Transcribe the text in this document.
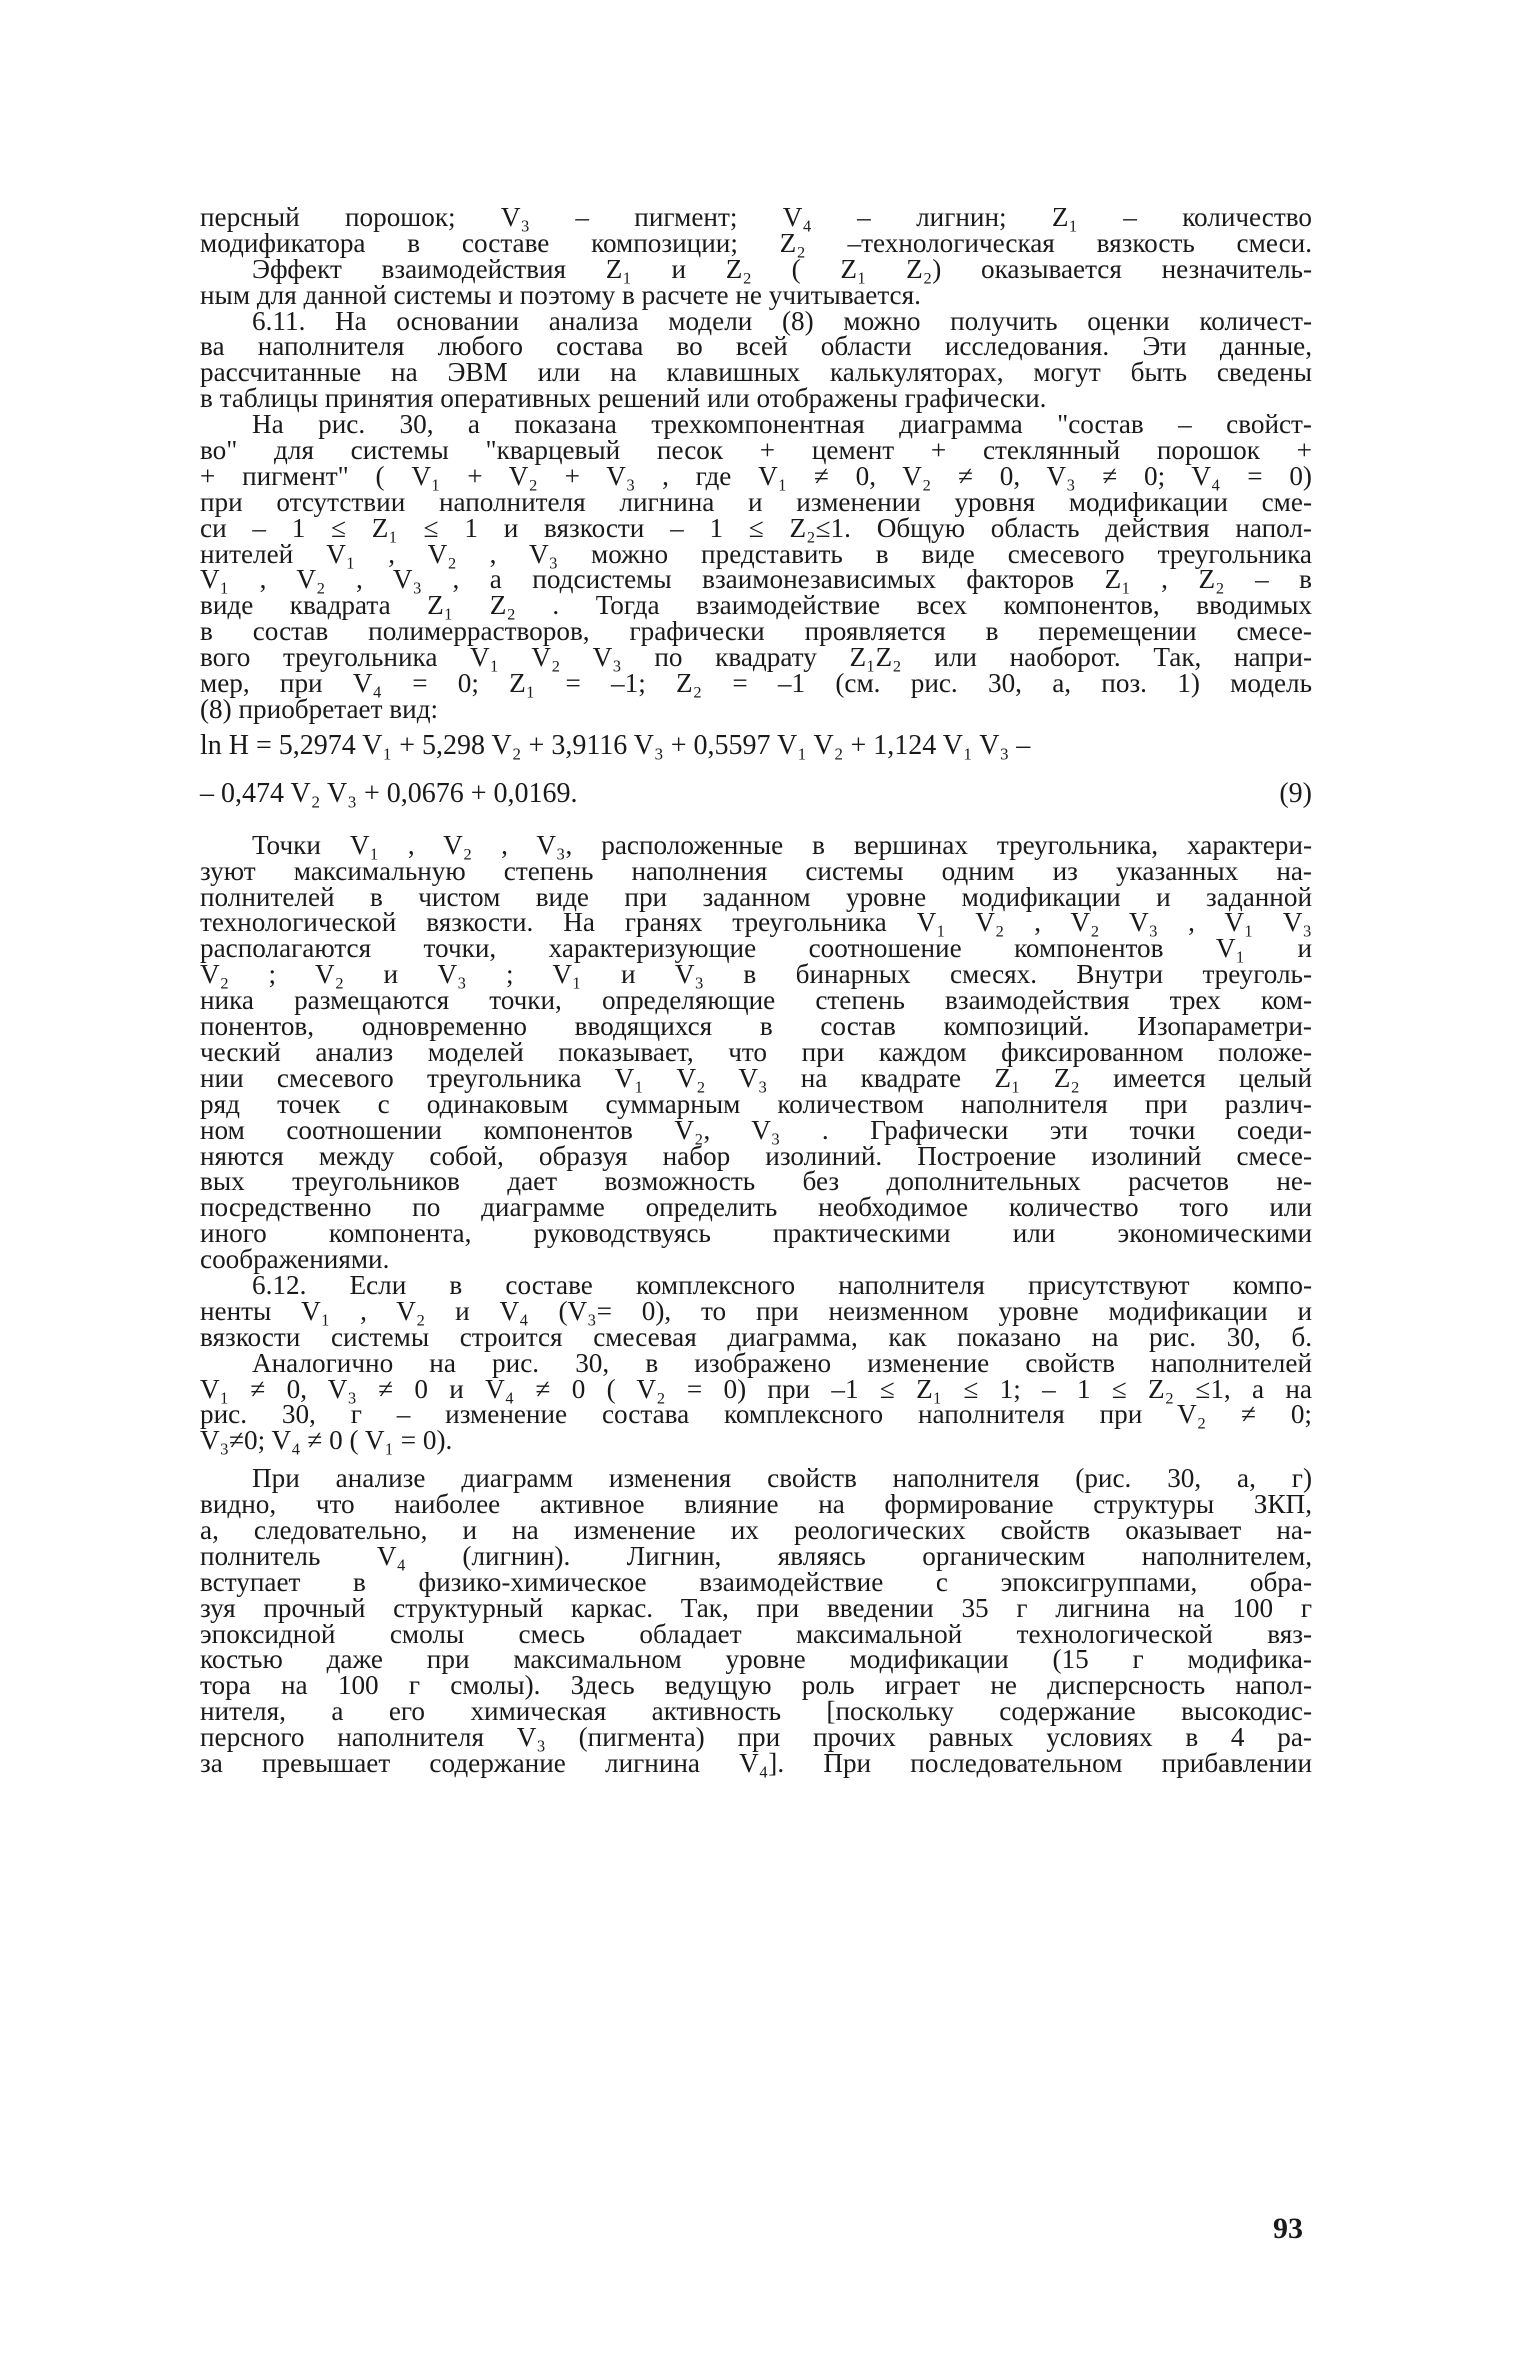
персный порошок; V₃ – пигмент; V₄ – лигнин; Z₁ – количество
модификатора в составе композиции; Z₂ –технологическая вязкость смеси.
Эффект взаимодействия Z₁ и Z₂ ( Z₁ Z₂) оказывается незначитель-
ным для данной системы и поэтому в расчете не учитывается.
6.11. На основании анализа модели (8) можно получить оценки количест-
ва наполнителя любого состава во всей области исследования. Эти данные,
рассчитанные на ЭВМ или на клавишных калькуляторах, могут быть сведены
в таблицы принятия оперативных решений или отображены графически.
На рис. 30, а показана трехкомпонентная диаграмма "состав – свойст-
во" для системы "кварцевый песок + цемент + стеклянный порошок +
+ пигмент" ( V₁ + V₂ + V₃ , где V₁ ≠ 0, V₂ ≠ 0, V₃ ≠ 0; V₄ = 0)
при отсутствии наполнителя лигнина и изменении уровня модификации сме-
си – 1 ≤ Z₁ ≤ 1 и вязкости – 1 ≤ Z₂≤1. Общую область действия напол-
нителей V₁ , V₂ , V₃ можно представить в виде смесевого треугольника
V₁ , V₂ , V₃ , а подсистемы взаимонезависимых факторов Z₁ , Z₂ – в
виде квадрата Z₁ Z₂ . Тогда взаимодействие всех компонентов, вводимых
в состав полимеррастворов, графически проявляется в перемещении смесе-
вого треугольника V₁ V₂ V₃ по квадрату Z₁Z₂ или наоборот. Так, напри-
мер, при V₄ = 0; Z₁ = –1; Z₂ = –1 (см. рис. 30, а, поз. 1) модель
(8) приобретает вид:
ln H = 5,2974 V₁ + 5,298 V₂ + 3,9116 V₃ + 0,5597 V₁ V₂ + 1,124 V₁ V₃ –
– 0,474 V₂ V₃ + 0,0676 + 0,0169.	(9)
Точки V₁ , V₂ , V₃, расположенные в вершинах треугольника, характери-
зуют максимальную степень наполнения системы одним из указанных на-
полнителей в чистом виде при заданном уровне модификации и заданной
технологической вязкости. На гранях треугольника V₁ V₂ , V₂ V₃ , V₁ V₃
располагаются точки, характеризующие соотношение компонентов V₁ и
V₂ ; V₂ и V₃ ; V₁ и V₃ в бинарных смесях. Внутри треуголь-
ника размещаются точки, определяющие степень взаимодействия трех ком-
понентов, одновременно вводящихся в состав композиций. Изопараметри-
ческий анализ моделей показывает, что при каждом фиксированном положе-
нии смесевого треугольника V₁ V₂ V₃ на квадрате Z₁ Z₂ имеется целый
ряд точек с одинаковым суммарным количеством наполнителя при различ-
ном соотношении компонентов V₂, V₃ . Графически эти точки соеди-
няются между собой, образуя набор изолиний. Построение изолиний смесе-
вых треугольников дает возможность без дополнительных расчетов не-
посредственно по диаграмме определить необходимое количество того или
иного компонента, руководствуясь практическими или экономическими
соображениями.
6.12. Если в составе комплексного наполнителя присутствуют компо-
ненты V₁ , V₂ и V₄ (V₃= 0), то при неизменном уровне модификации и
вязкости системы строится смесевая диаграмма, как показано на рис. 30, б.
Аналогично на рис. 30, в изображено изменение свойств наполнителей
V₁ ≠ 0, V₃ ≠ 0 и V₄ ≠ 0 ( V₂ = 0) при –1 ≤ Z₁ ≤ 1; – 1 ≤ Z₂ ≤1, а на
рис. 30, г – изменение состава комплексного наполнителя при V₂ ≠ 0;
V₃≠0; V₄ ≠ 0 ( V₁ = 0).
При анализе диаграмм изменения свойств наполнителя (рис. 30, а, г)
видно, что наиболее активное влияние на формирование структуры ЗКП,
а, следовательно, и на изменение их реологических свойств оказывает на-
полнитель V₄ (лигнин). Лигнин, являясь органическим наполнителем,
вступает в физико-химическое взаимодействие с эпоксигруппами, обра-
зуя прочный структурный каркас. Так, при введении 35 г лигнина на 100 г
эпоксидной смолы смесь обладает максимальной технологической вяз-
костью даже при максимальном уровне модификации (15 г модифика-
тора на 100 г смолы). Здесь ведущую роль играет не дисперсность напол-
нителя, а его химическая активность [поскольку содержание высокодис-
персного наполнителя V₃ (пигмента) при прочих равных условиях в 4 ра-
за превышает содержание лигнина V₄]. При последовательном прибавлении
93
